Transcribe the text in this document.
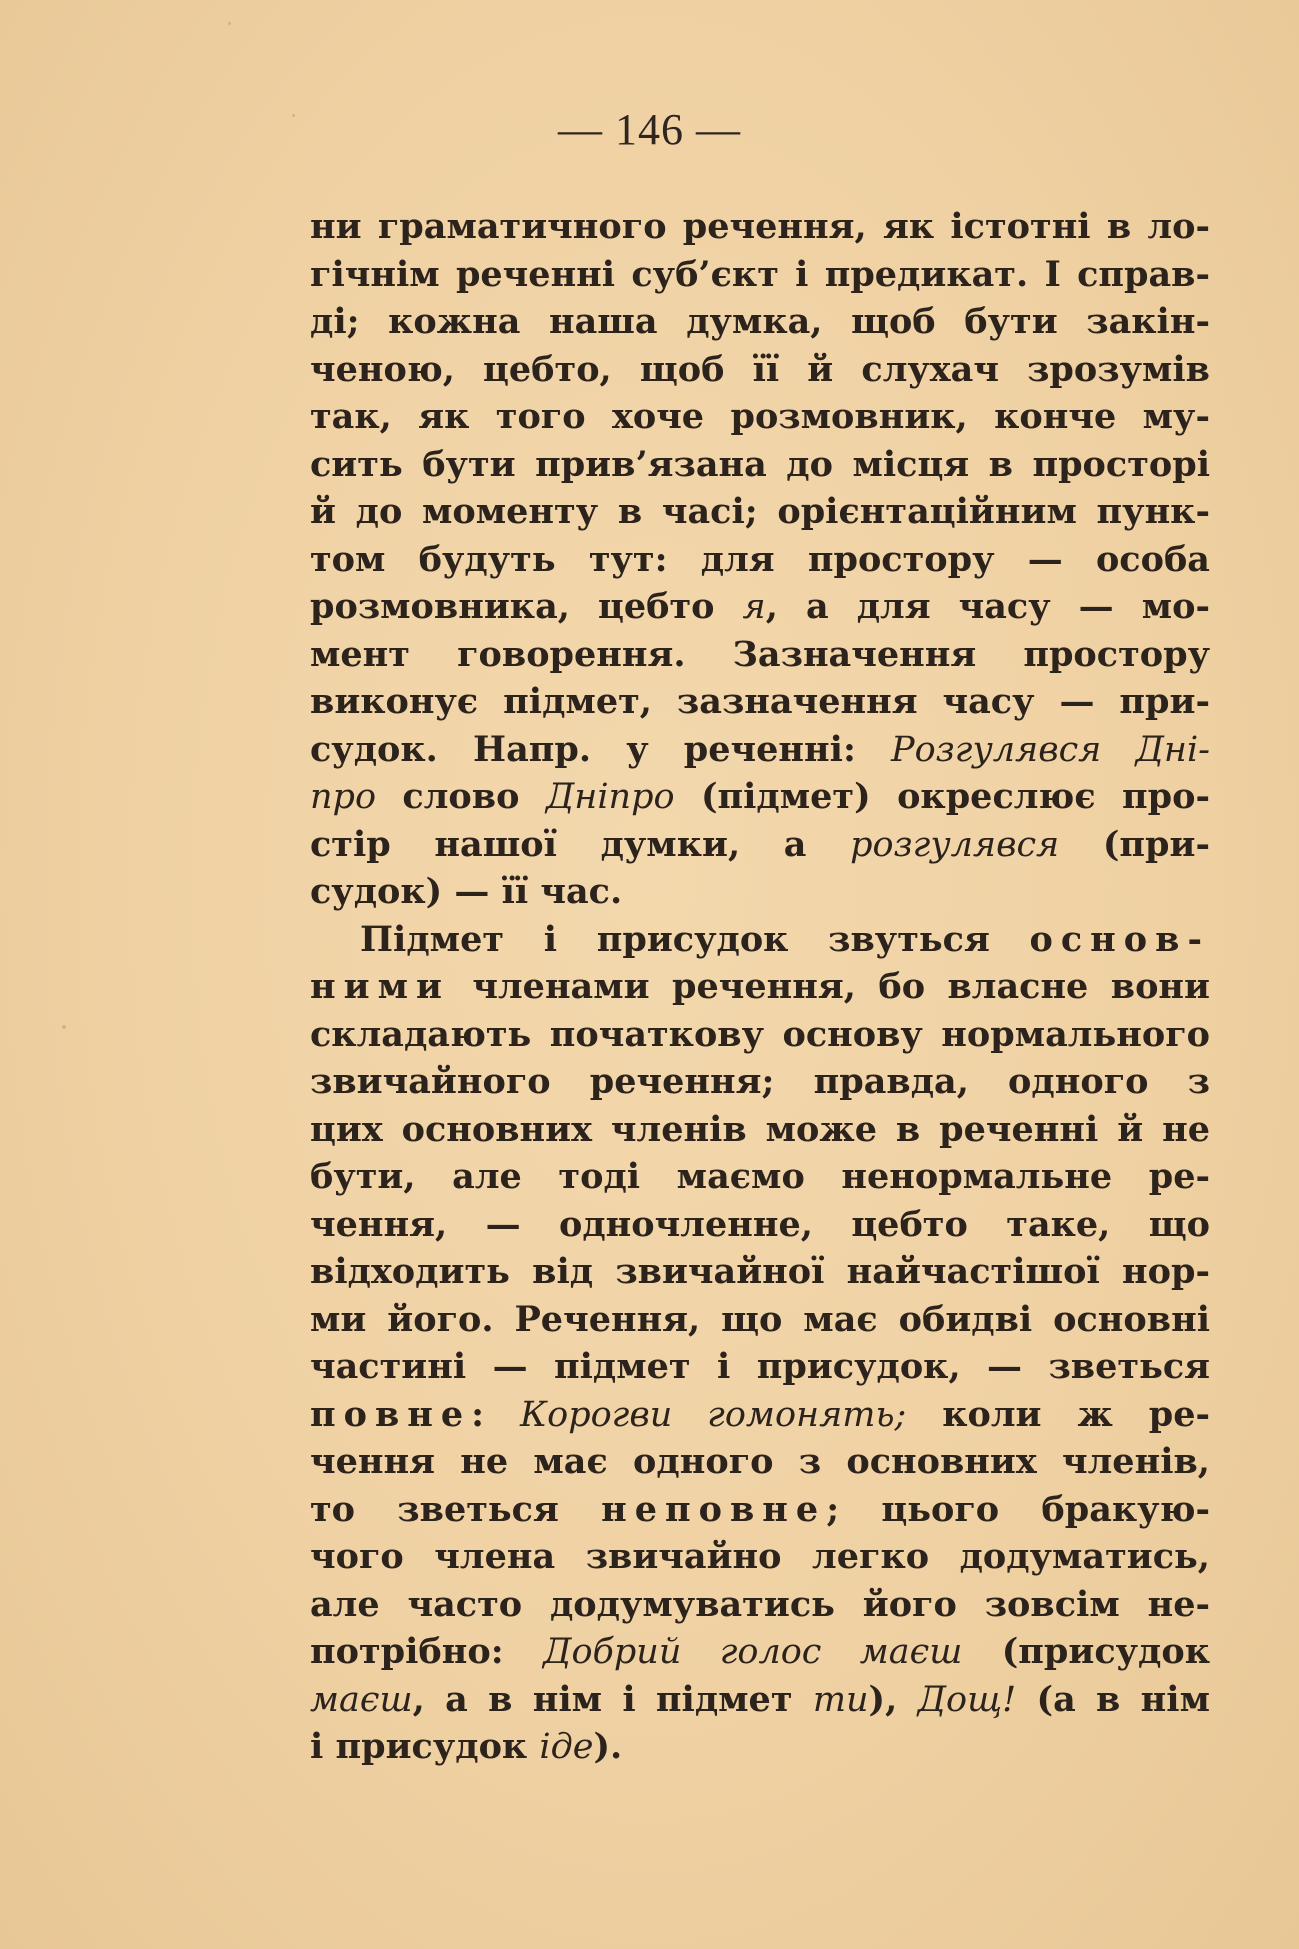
— 146 —
ни граматичного речення, як істотні в ло-
гічнім реченні суб’єкт і предикат. І справ-
ді; кожна наша думка, щоб бути закін-
ченою, цебто, щоб її й слухач зрозумів
так, як того хоче розмовник, конче му-
сить бути прив’язана до місця в просторі
й до моменту в часі; орієнтаційним пунк-
том будуть тут: для простору — особа
розмовника, цебто я, а для часу — мо-
мент говорення. Зазначення простору
виконує підмет, зазначення часу — при-
судок. Напр. у реченні: Розгулявся Дні-
про слово Дніпро (підмет) окреслює про-
стір нашої думки, а розгулявся (при-
судок) — її час.
Підмет і присудок звуться основ-
ними членами речення, бо власне вони
складають початкову основу нормального
звичайного речення; правда, одного з
цих основних членів може в реченні й не
бути, але тоді маємо ненормальне ре-
чення, — одночленне, цебто таке, що
відходить від звичайної найчастішої нор-
ми його. Речення, що має обидві основні
частині — підмет і присудок, — зветься
повне: Корогви гомонять; коли ж ре-
чення не має одного з основних членів,
то зветься неповне; цього бракую-
чого члена звичайно легко додуматись,
але часто додумуватись його зовсім не-
потрібно: Добрий голос маєш (присудок
маєш, а в нім і підмет ти), Дощ! (а в нім
і присудок іде).
